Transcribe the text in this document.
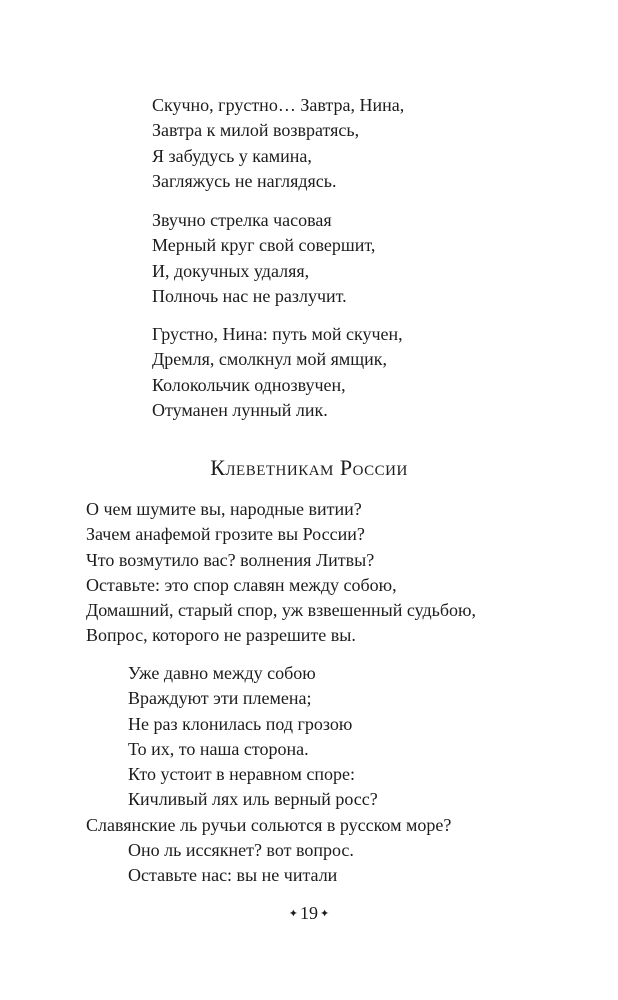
Скучно, грустно… Завтра, Нина,
Завтра к милой возвратясь,
Я забудусь у камина,
Загляжусь не наглядясь.
Звучно стрелка часовая
Мерный круг свой совершит,
И, докучных удаляя,
Полночь нас не разлучит.
Грустно, Нина: путь мой скучен,
Дремля, смолкнул мой ямщик,
Колокольчик однозвучен,
Отуманен лунный лик.
Клеветникам России
О чем шумите вы, народные витии?
Зачем анафемой грозите вы России?
Что возмутило вас? волнения Литвы?
Оставьте: это спор славян между собою,
Домашний, старый спор, уж взвешенный судьбою,
Вопрос, которого не разрешите вы.
Уже давно между собою
Враждуют эти племена;
Не раз клонилась под грозою
То их, то наша сторона.
Кто устоит в неравном споре:
Кичливый лях иль верный росс?
Славянские ль ручьи сольются в русском море?
Оно ль иссякнет? вот вопрос.
Оставьте нас: вы не читали
✦ 19 ✦
